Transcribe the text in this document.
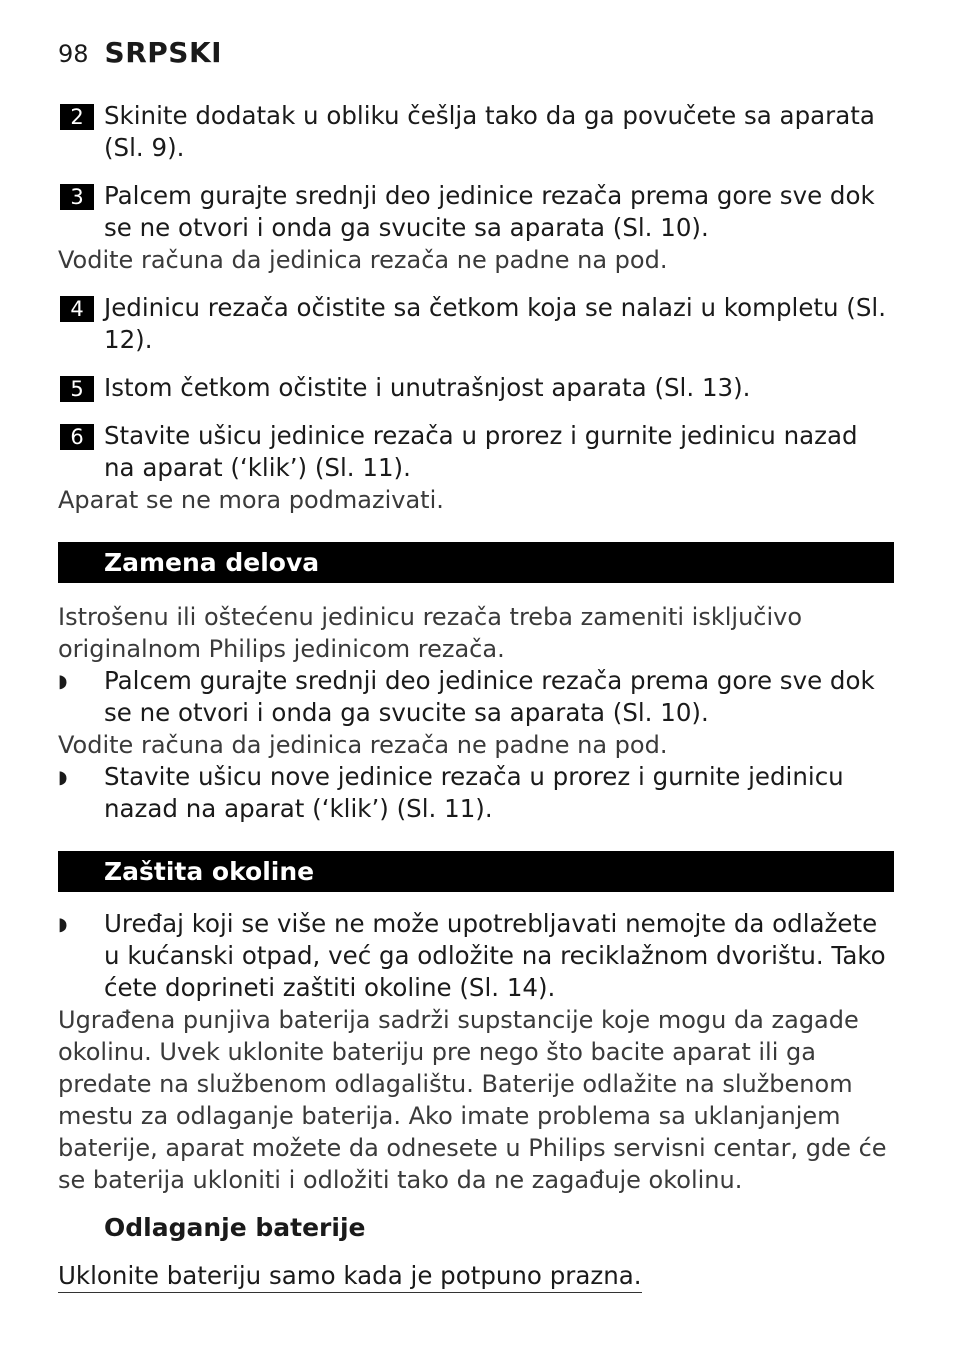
98 SRPSKI
2 Skinite dodatak u obliku češlja tako da ga povučete sa aparata (Sl. 9).
3 Palcem gurajte srednji deo jedinice rezača prema gore sve dok se ne otvori i onda ga svucite sa aparata (Sl. 10).
Vodite računa da jedinica rezača ne padne na pod.
4 Jedinicu rezača očistite sa četkom koja se nalazi u kompletu (Sl. 12).
5 Istom četkom očistite i unutrašnjost aparata (Sl. 13).
6 Stavite ušicu jedinice rezača u prorez i gurnite jedinicu nazad na aparat (‘klik’) (Sl. 11).
Aparat se ne mora podmazivati.
Zamena delova
Istrošenu ili oštećenu jedinicu rezača treba zameniti isključivo originalnom Philips jedinicom rezača.
◗ Palcem gurajte srednji deo jedinice rezača prema gore sve dok se ne otvori i onda ga svucite sa aparata (Sl. 10).
Vodite računa da jedinica rezača ne padne na pod.
◗ Stavite ušicu nove jedinice rezača u prorez i gurnite jedinicu nazad na aparat (‘klik’) (Sl. 11).
Zaštita okoline
◗ Uređaj koji se više ne može upotrebljavati nemojte da odlažete u kućanski otpad, već ga odložite na reciklažnom dvorištu. Tako ćete doprineti zaštiti okoline (Sl. 14).
Ugrađena punjiva baterija sadrži supstancije koje mogu da zagade okolinu. Uvek uklonite bateriju pre nego što bacite aparat ili ga predate na službenom odlagalištu. Baterije odlažite na službenom mestu za odlaganje baterija. Ako imate problema sa uklanjanjem baterije, aparat možete da odnesete u Philips servisni centar, gde će se baterija ukloniti i odložiti tako da ne zagađuje okolinu.
Odlaganje baterije
Uklonite bateriju samo kada je potpuno prazna.
